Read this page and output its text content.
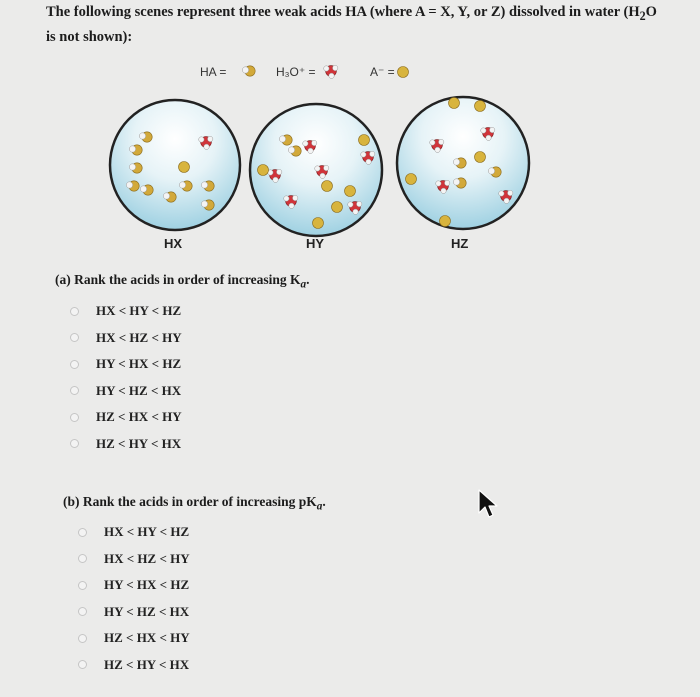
The following scenes represent three weak acids HA (where A = X, Y, or Z) dissolved in water ($H_2O$ is not shown):
HA =	H₃O⁺ =	A⁻ =
HX	HY	HZ
(a) Rank the acids in order of increasing $K_a$.
HX < HY < HZ
HX < HZ < HY
HY < HX < HZ
HY < HZ < HX
HZ < HX < HY
HZ < HY < HX
(b) Rank the acids in order of increasing $pK_a$.
HX < HY < HZ
HX < HZ < HY
HY < HX < HZ
HY < HZ < HX
HZ < HX < HY
HZ < HY < HX
